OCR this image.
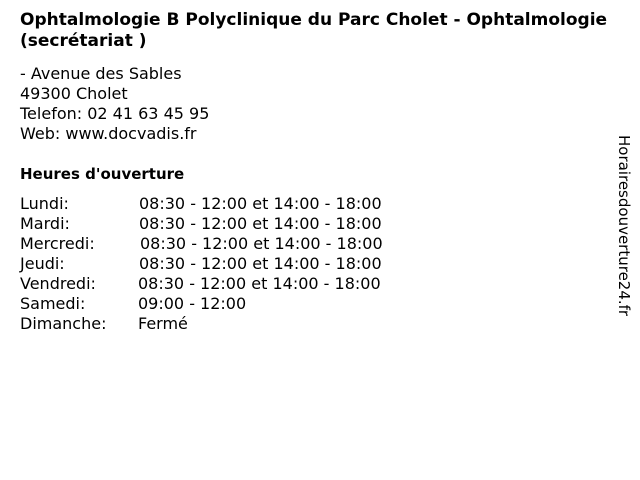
Ophtalmologie B Polyclinique du Parc Cholet - Ophtalmologie (secrétariat )
- Avenue des Sables
49300 Cholet
Telefon: 02 41 63 45 95
Web: www.docvadis.fr
Heures d'ouverture
Lundi:	08:30 - 12:00 et 14:00 - 18:00
Mardi:	08:30 - 12:00 et 14:00 - 18:00
Mercredi:	08:30 - 12:00 et 14:00 - 18:00
Jeudi:	08:30 - 12:00 et 14:00 - 18:00
Vendredi:	08:30 - 12:00 et 14:00 - 18:00
Samedi:	09:00 - 12:00
Dimanche: Fermé
Horairesdouverture24.fr
